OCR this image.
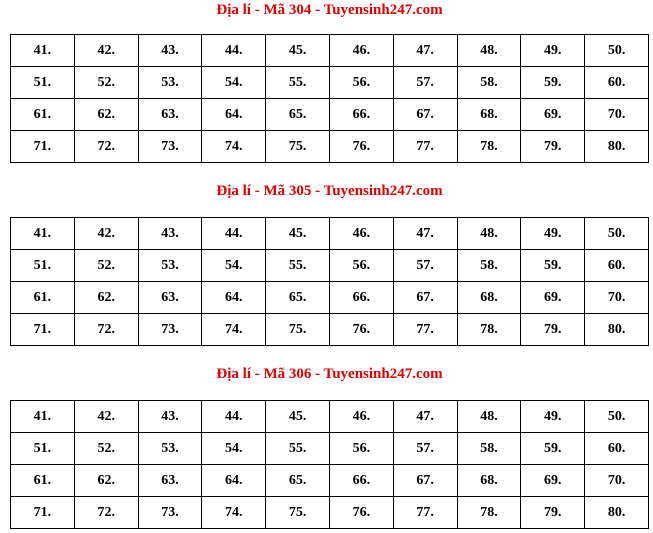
Địa lí - Mã 304 - Tuyensinh247.com
41.	42.	43.	44.	45.	46.	47.	48.	49.	50.
51.	52.	53.	54.	55.	56.	57.	58.	59.	60.
61.	62.	63.	64.	65.	66.	67.	68.	69.	70.
71.	72.	73.	74.	75.	76.	77.	78.	79.	80.
Địa lí - Mã 305 - Tuyensinh247.com
41.	42.	43.	44.	45.	46.	47.	48.	49.	50.
51.	52.	53.	54.	55.	56.	57.	58.	59.	60.
61.	62.	63.	64.	65.	66.	67.	68.	69.	70.
71.	72.	73.	74.	75.	76.	77.	78.	79.	80.
Địa lí - Mã 306 - Tuyensinh247.com
41.	42.	43.	44.	45.	46.	47.	48.	49.	50.
51.	52.	53.	54.	55.	56.	57.	58.	59.	60.
61.	62.	63.	64.	65.	66.	67.	68.	69.	70.
71.	72.	73.	74.	75.	76.	77.	78.	79.	80.
